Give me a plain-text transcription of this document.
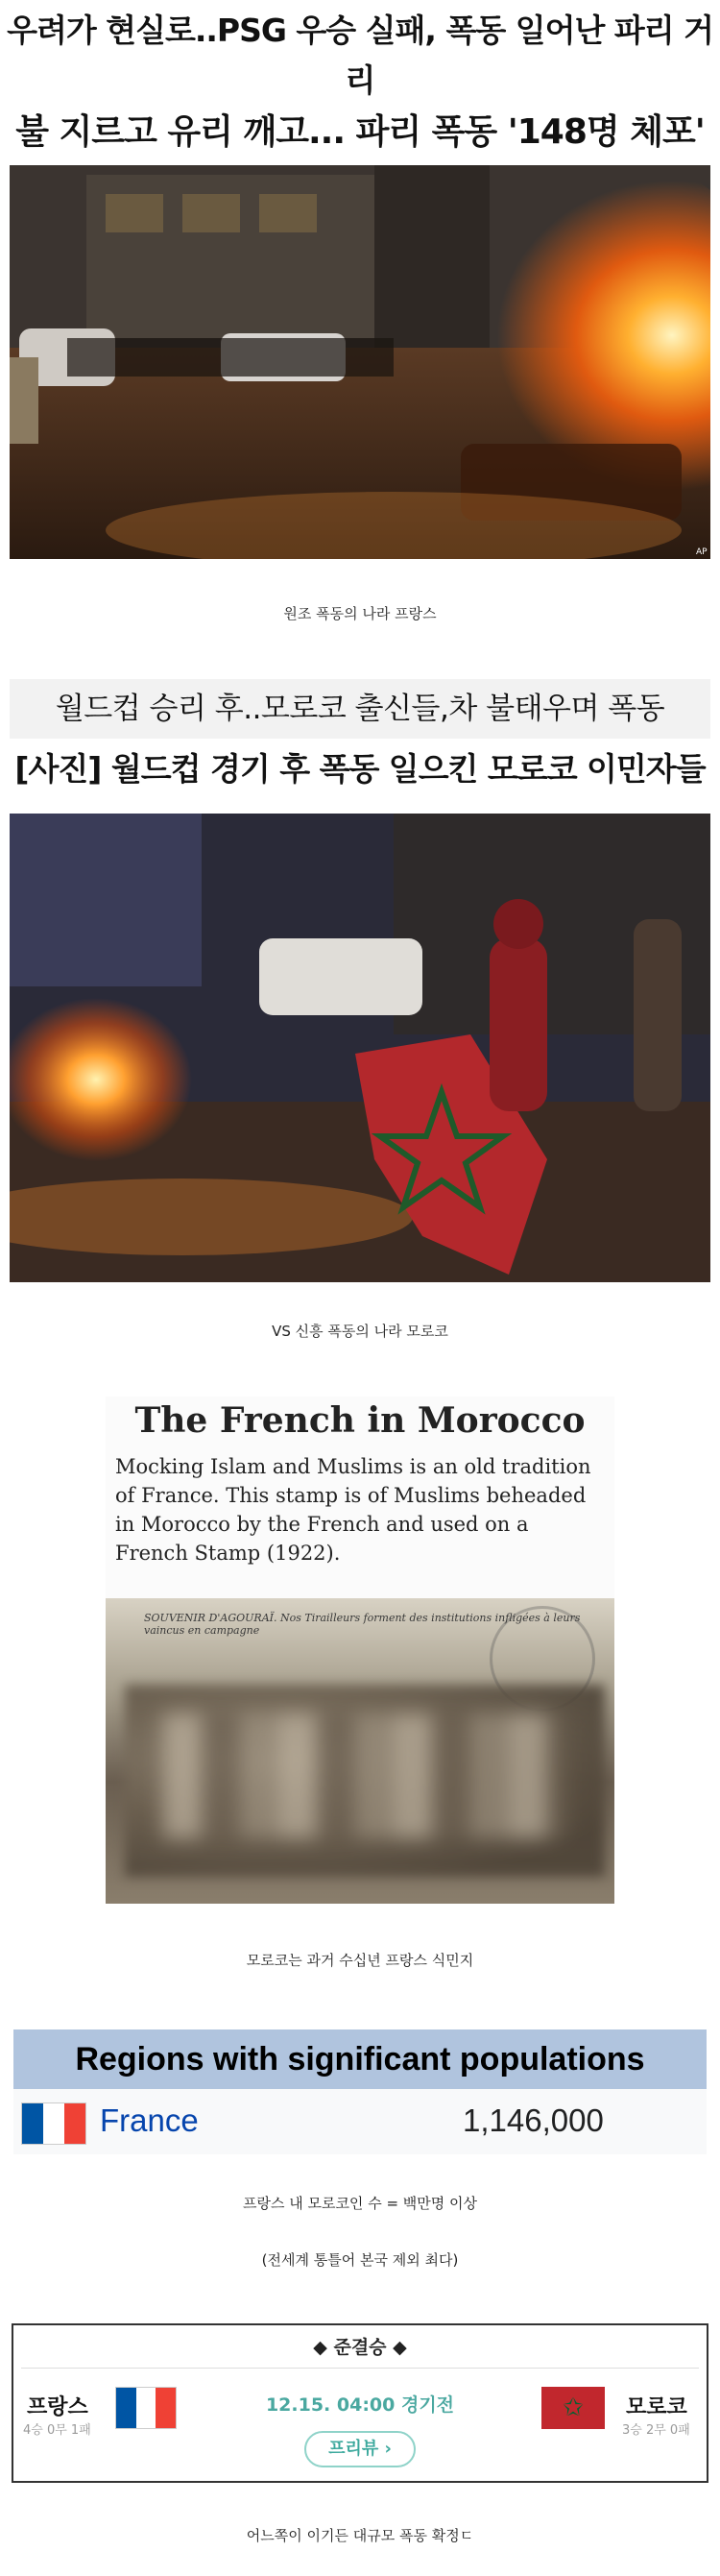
우려가 현실로..PSG 우승 실패, 폭동 일어난 파리 거리
불 지르고 유리 깨고... 파리 폭동 '148명 체포'
AP
원조 폭동의 나라 프랑스
월드컵 승리 후..모로코 출신들,차 불태우며 폭동
[사진] 월드컵 경기 후 폭동 일으킨 모로코 이민자들
VS 신흥 폭동의 나라 모로코
The French in Morocco
Mocking Islam and Muslims is an old tradition of France. This stamp is of Muslims beheaded in Morocco by the French and used on a French Stamp (1922).
SOUVENIR D'AGOURAÏ. Nos Tirailleurs forment des institutions infligées à leurs vaincus en campagne
모로코는 과거 수십년 프랑스 식민지
Regions with significant populations
France	1,146,000
프랑스 내 모로코인 수 = 백만명 이상
(전세계 통틀어 본국 제외 최다)
◆ 준결승 ◆
프랑스
4승 0무 1패
12.15. 04:00 경기전	✩ 모로코
3승 2무 0패
프리뷰 ›
어느쪽이 이기든 대규모 폭동 확정ㄷ
